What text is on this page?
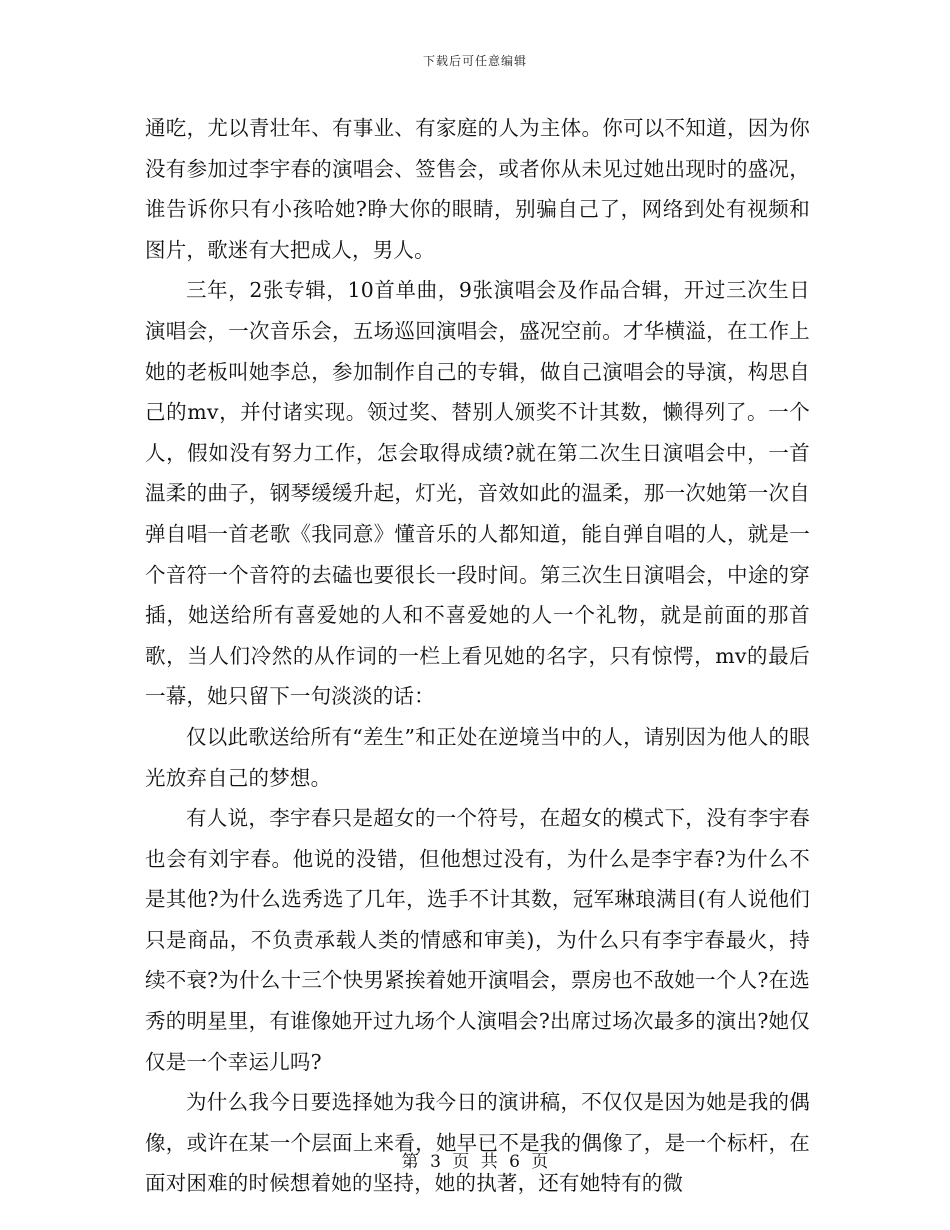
下载后可任意编辑

通吃，尤以青壮年、有事业、有家庭的人为主体。你可以不知道，因为你没有参加过李宇春的演唱会、签售会，或者你从未见过她出现时的盛况，谁告诉你只有小孩哈她?睁大你的眼睛，别骗自己了，网络到处有视频和图片，歌迷有大把成人，男人。

三年，2张专辑，10首单曲，9张演唱会及作品合辑，开过三次生日演唱会，一次音乐会，五场巡回演唱会，盛况空前。才华横溢，在工作上她的老板叫她李总，参加制作自己的专辑，做自己演唱会的导演，构思自己的mv，并付诸实现。领过奖、替别人颁奖不计其数，懒得列了。一个人，假如没有努力工作，怎会取得成绩?就在第二次生日演唱会中，一首温柔的曲子，钢琴缓缓升起，灯光，音效如此的温柔，那一次她第一次自弹自唱一首老歌《我同意》懂音乐的人都知道，能自弹自唱的人，就是一个音符一个音符的去磕也要很长一段时间。第三次生日演唱会，中途的穿插，她送给所有喜爱她的人和不喜爱她的人一个礼物，就是前面的那首歌，当人们冷然的从作词的一栏上看见她的名字，只有惊愕，mv的最后一幕，她只留下一句淡淡的话：

仅以此歌送给所有“差生”和正处在逆境当中的人，请别因为他人的眼光放弃自己的梦想。

有人说，李宇春只是超女的一个符号，在超女的模式下，没有李宇春也会有刘宇春。他说的没错，但他想过没有，为什么是李宇春?为什么不是其他?为什么选秀选了几年，选手不计其数，冠军琳琅满目(有人说他们只是商品，不负责承载人类的情感和审美)，为什么只有李宇春最火，持续不衰?为什么十三个快男紧挨着她开演唱会，票房也不敌她一个人?在选秀的明星里，有谁像她开过九场个人演唱会?出席过场次最多的演出?她仅仅是一个幸运儿吗?

为什么我今日要选择她为我今日的演讲稿，不仅仅是因为她是我的偶像，或许在某一个层面上来看，她早已不是我的偶像了，是一个标杆，在面对困难的时候想着她的坚持，她的执著，还有她特有的微

第 3 页 共 6 页
